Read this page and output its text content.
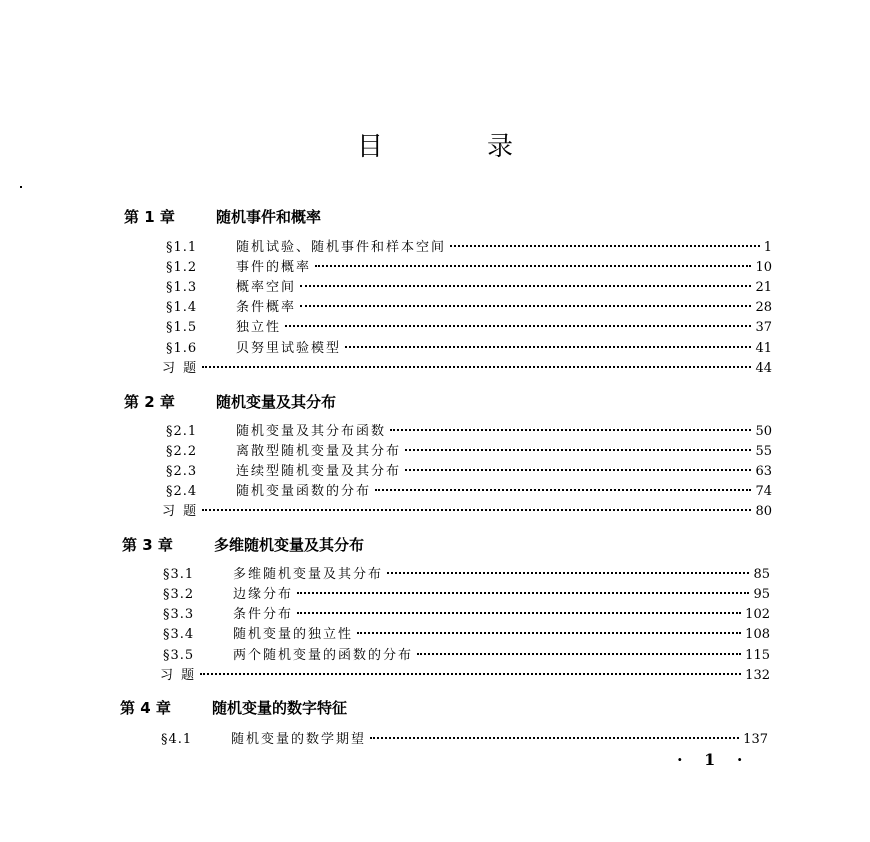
目	录
第 1 章	随机事件和概率
§1.1	随机试验、随机事件和样本空间	1
§1.2	事件的概率	10
§1.3	概率空间	21
§1.4	条件概率	28
§1.5	独立性	37
§1.6	贝努里试验模型	41
习 题	44
第 2 章	随机变量及其分布
§2.1	随机变量及其分布函数	50
§2.2	离散型随机变量及其分布	55
§2.3	连续型随机变量及其分布	63
§2.4	随机变量函数的分布	74
习 题	80
第 3 章	多维随机变量及其分布
§3.1	多维随机变量及其分布	85
§3.2	边缘分布	95
§3.3	条件分布	102
§3.4	随机变量的独立性	108
§3.5	两个随机变量的函数的分布	115
习 题	132
第 4 章	随机变量的数字特征
§4.1	随机变量的数学期望	137
· 1 ·
